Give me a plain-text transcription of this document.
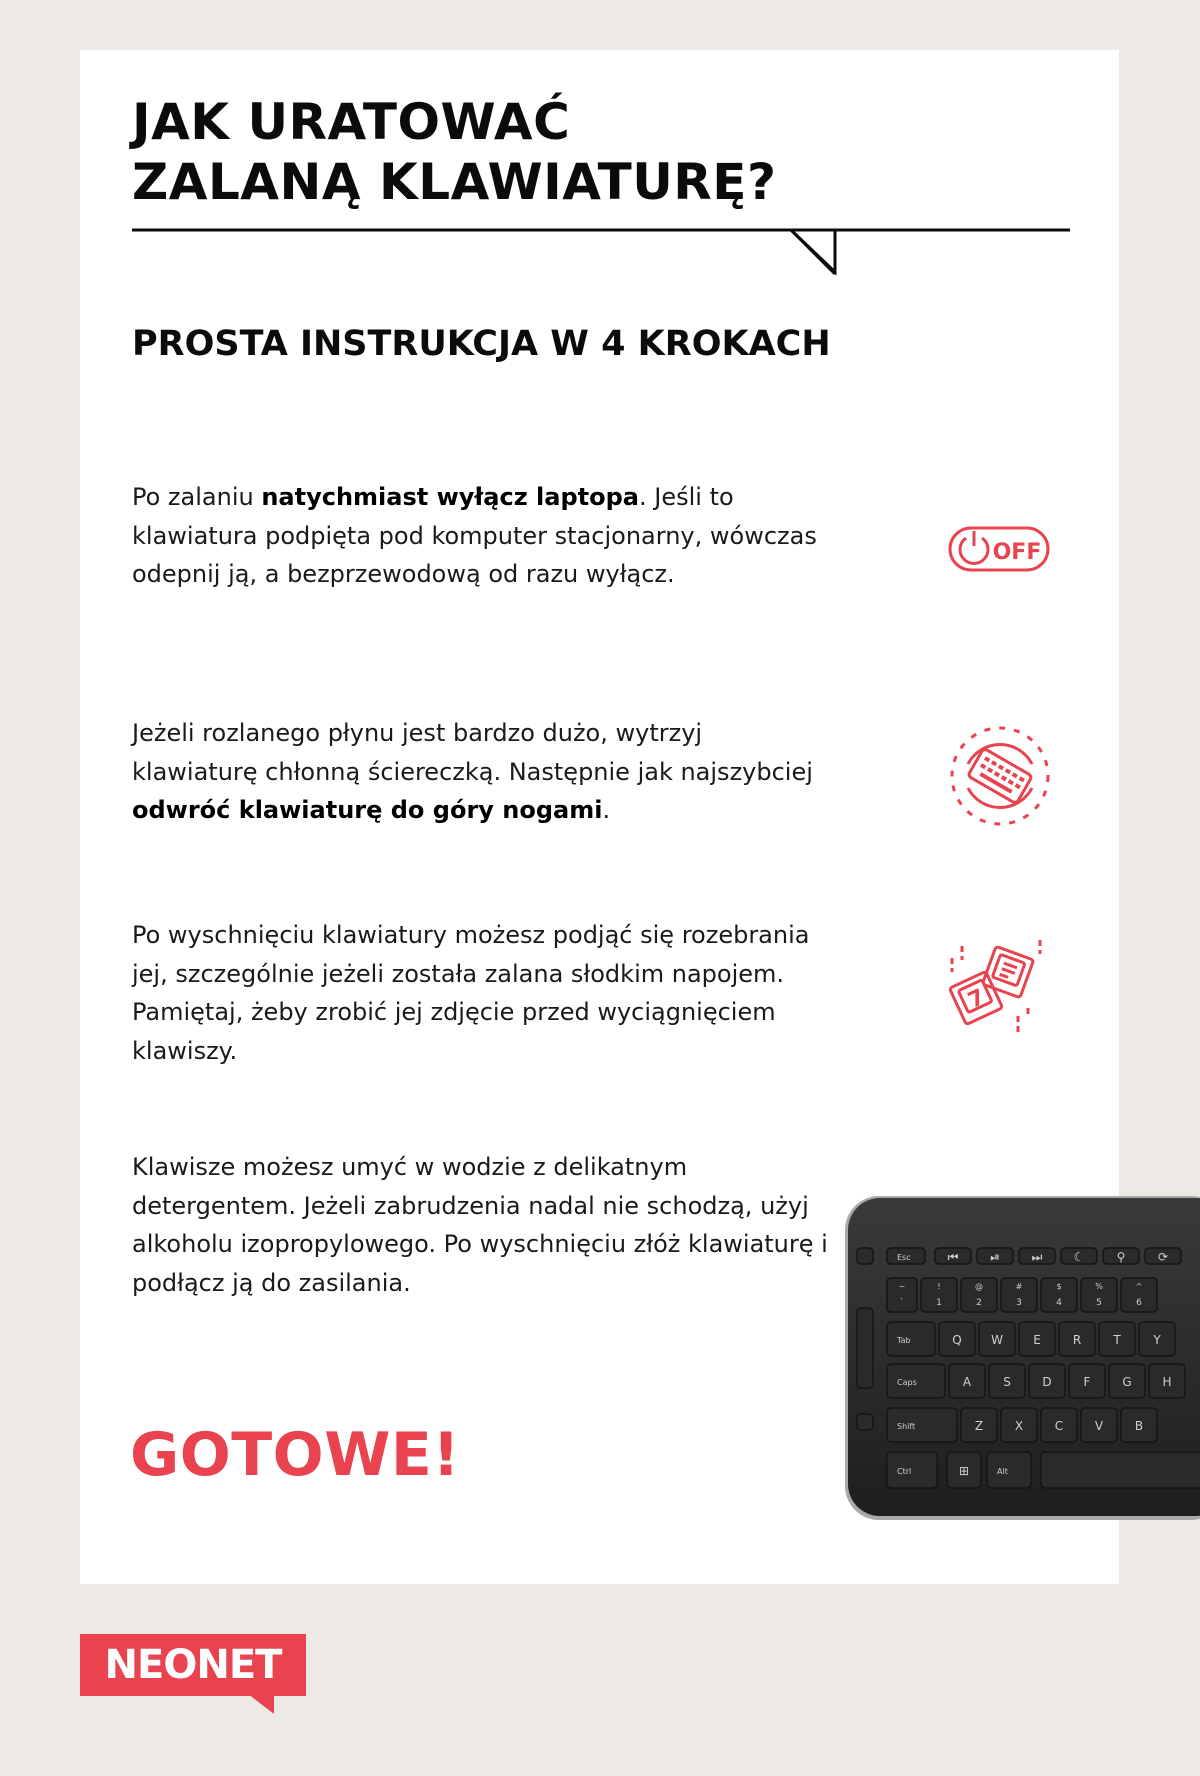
JAK URATOWAĆ
ZALANĄ KLAWIATURĘ?
PROSTA INSTRUKCJA W 4 KROKACH

Po zalaniu natychmiast wyłącz laptopa. Jeśli to klawiatura podpięta pod komputer stacjonarny, wówczas odepnij ją, a bezprzewodową od razu wyłącz.

OFF

Jeżeli rozlanego płynu jest bardzo dużo, wytrzyj klawiaturę chłonną ściereczką. Następnie jak najszybciej odwróć klawiaturę do góry nogami.

Po wyschnięciu klawiatury możesz podjąć się rozebrania jej, szczególnie jeżeli została zalana słodkim napojem. Pamiętaj, żeby zrobić jej zdjęcie przed wyciągnięciem klawiszy.

7

Klawisze możesz umyć w wodzie z delikatnym detergentem. Jeżeli zabrudzenia nadal nie schodzą, użyj alkoholu izopropylowego. Po wyschnięciu złóż klawiaturę i podłącz ją do zasilania.

GOTOWE!
Esc	⏮	⏯	⏭	☾	⚲	⟳
~
`
!
1
@
2
#
3
$
4
%
5
^
6
Tab	Q W	E	R	T	Y
Caps	A	S	D	F	G	H
Shift	Z	X	C	V	B
Ctrl	⊞	Alt
NEONET
